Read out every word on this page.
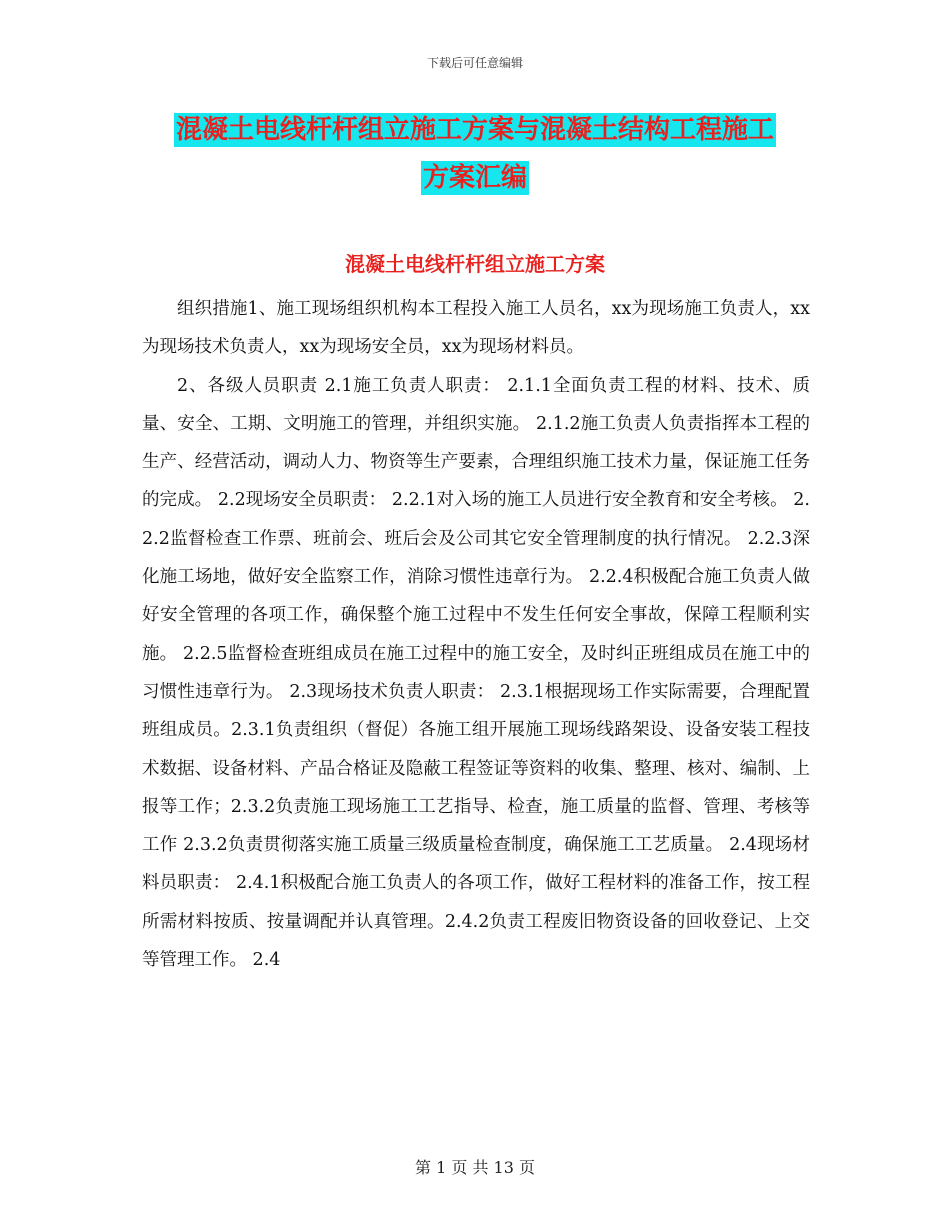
下载后可任意编辑
混凝土电线杆杆组立施工方案与混凝土结构工程施工
方案汇编
混凝土电线杆杆组立施工方案

组织措施1、施工现场组织机构本工程投入施工人员名，xx为现场施工负责人，xx为现场技术负责人，xx为现场安全员，xx为现场材料员。

2、各级人员职责 2.1施工负责人职责： 2.1.1全面负责工程的材料、技术、质量、安全、工期、文明施工的管理，并组织实施。 2.1.2施工负责人负责指挥本工程的生产、经营活动，调动人力、物资等生产要素，合理组织施工技术力量，保证施工任务的完成。 2.2现场安全员职责： 2.2.1对入场的施工人员进行安全教育和安全考核。 2.2.2监督检查工作票、班前会、班后会及公司其它安全管理制度的执行情况。 2.2.3深化施工场地，做好安全监察工作，消除习惯性违章行为。 2.2.4积极配合施工负责人做好安全管理的各项工作，确保整个施工过程中不发生任何安全事故，保障工程顺利实施。 2.2.5监督检查班组成员在施工过程中的施工安全，及时纠正班组成员在施工中的习惯性违章行为。 2.3现场技术负责人职责： 2.3.1根据现场工作实际需要，合理配置班组成员。2.3.1负责组织（督促）各施工组开展施工现场线路架设、设备安装工程技术数据、设备材料、产品合格证及隐蔽工程签证等资料的收集、整理、核对、编制、上报等工作；2.3.2负责施工现场施工工艺指导、检查，施工质量的监督、管理、考核等工作 2.3.2负责贯彻落实施工质量三级质量检查制度，确保施工工艺质量。 2.4现场材料员职责： 2.4.1积极配合施工负责人的各项工作，做好工程材料的准备工作，按工程所需材料按质、按量调配并认真管理。2.4.2负责工程废旧物资设备的回收登记、上交等管理工作。 2.4

第 1 页 共 13 页
